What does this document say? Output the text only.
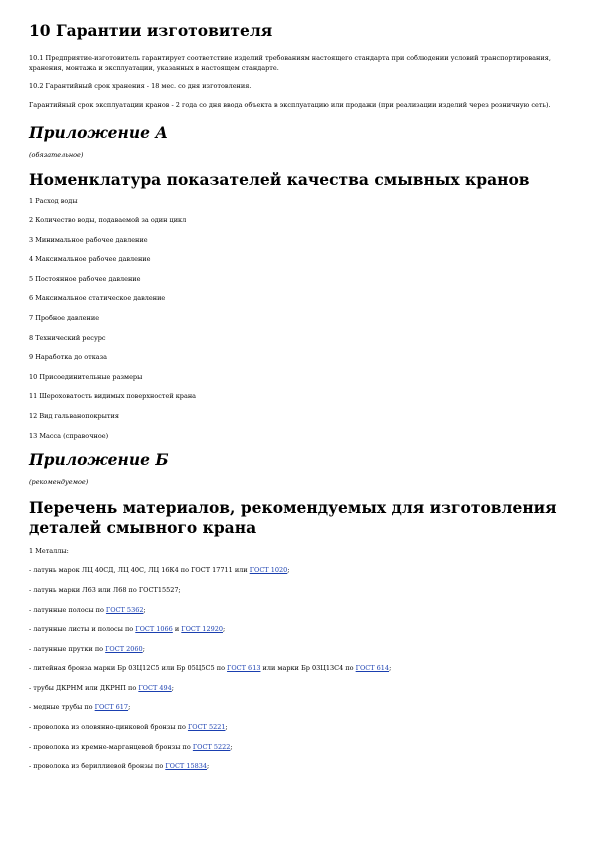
10 Гарантии изготовителя

10.1 Предприятие-изготовитель гарантирует соответствие изделий требованиям настоящего стандарта при соблюдении условий транспортирования, хранения, монтажа и эксплуатации, указанных в настоящем стандарте.

10.2 Гарантийный срок хранения - 18 мес. со дня изготовления.

Гарантийный срок эксплуатации кранов - 2 года со дня ввода объекта в эксплуатацию или продажи (при реализации изделий через розничную сеть).

Приложение А

(обязательное)

Номенклатура показателей качества смывных кранов

1 Расход воды

2 Количество воды, подаваемой за один цикл

3 Минимальное рабочее давление

4 Максимальное рабочее давление

5 Постоянное рабочее давление

6 Максимальное статическое давление

7 Пробное давление

8 Технический ресурс

9 Наработка до отказа

10 Присоединительные размеры

11 Шероховатость видимых поверхностей крана

12 Вид гальванопокрытия

13 Масса (справочное)

Приложение Б

(рекомендуемое)

Перечень материалов, рекомендуемых для изготовления деталей смывного крана

1 Металлы:

- латунь марок ЛЦ 40СД, ЛЦ 40С, ЛЦ 16К4 по ГОСТ 17711 или ГОСТ 1020;

- латунь марки Л63 или Л68 по ГОСТ15527;

- латунные полосы по ГОСТ 5362;

- латунные листы и полосы по ГОСТ 1066 и ГОСТ 12920;

- латунные прутки по ГОСТ 2060;

- литейная бронза марки Бр 03Ц12С5 или Бр 05Ц5С5 по ГОСТ 613 или марки Бр 03Ц13С4 по ГОСТ 614;

- трубы ДКРНМ или ДКРНП по ГОСТ 494;

- медные трубы по ГОСТ 617;

- проволока из оловянно-цинковой бронзы по ГОСТ 5221;

- проволока из кремне-марганцевой бронзы по ГОСТ 5222;

- проволока из бериллиевой бронзы по ГОСТ 15834;
